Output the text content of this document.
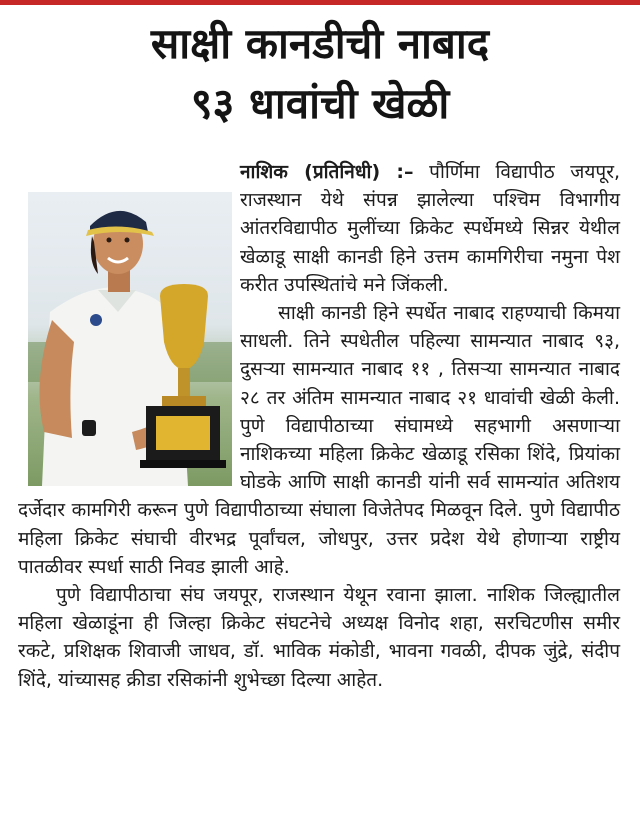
साक्षी कानडीची नाबाद
९३ धावांची खेळी

नाशिक (प्रतिनिधी) :– पौर्णिमा विद्यापीठ जयपूर, राजस्थान येथे संपन्न झालेल्या पश्चिम विभागीय आंतरविद्यापीठ मुलींच्या क्रिकेट स्पर्धेमध्ये सिन्नर येथील खेळाडू साक्षी कानडी हिने उत्तम कामगिरीचा नमुना पेश करीत उपस्थितांचे मने जिंकली.

साक्षी कानडी हिने स्पर्धेत नाबाद राहण्याची किमया साधली. तिने स्पधेतील पहिल्या सामन्यात नाबाद ९३, दुसऱ्या सामन्यात नाबाद ११ , तिसऱ्या सामन्यात नाबाद २८ तर अंतिम सामन्यात नाबाद २१ धावांची खेळी केली. पुणे विद्यापीठाच्या संघामध्ये सहभागी असणाऱ्या नाशिकच्या महिला क्रिकेट खेळाडू रसिका शिंदे, प्रियांका घोडके आणि साक्षी कानडी यांनी सर्व सामन्यांत अतिशय दर्जेदार कामगिरी करून पुणे विद्यापीठाच्या संघाला विजेतेपद मिळवून दिले. पुणे विद्यापीठ महिला क्रिकेट संघाची वीरभद्र पूर्वांचल, जोधपुर, उत्तर प्रदेश येथे होणाऱ्या राष्ट्रीय पातळीवर स्पर्धा साठी निवड झाली आहे.

पुणे विद्यापीठाचा संघ जयपूर, राजस्थान येथून रवाना झाला. नाशिक जिल्ह्यातील महिला खेळाडूंना ही जिल्हा क्रिकेट संघटनेचे अध्यक्ष विनोद शहा, सरचिटणीस समीर रकटे, प्रशिक्षक शिवाजी जाधव, डॉ. भाविक मंकोडी, भावना गवळी, दीपक जुंद्रे, संदीप शिंदे, यांच्यासह क्रीडा रसिकांनी शुभेच्छा दिल्या आहेत.
